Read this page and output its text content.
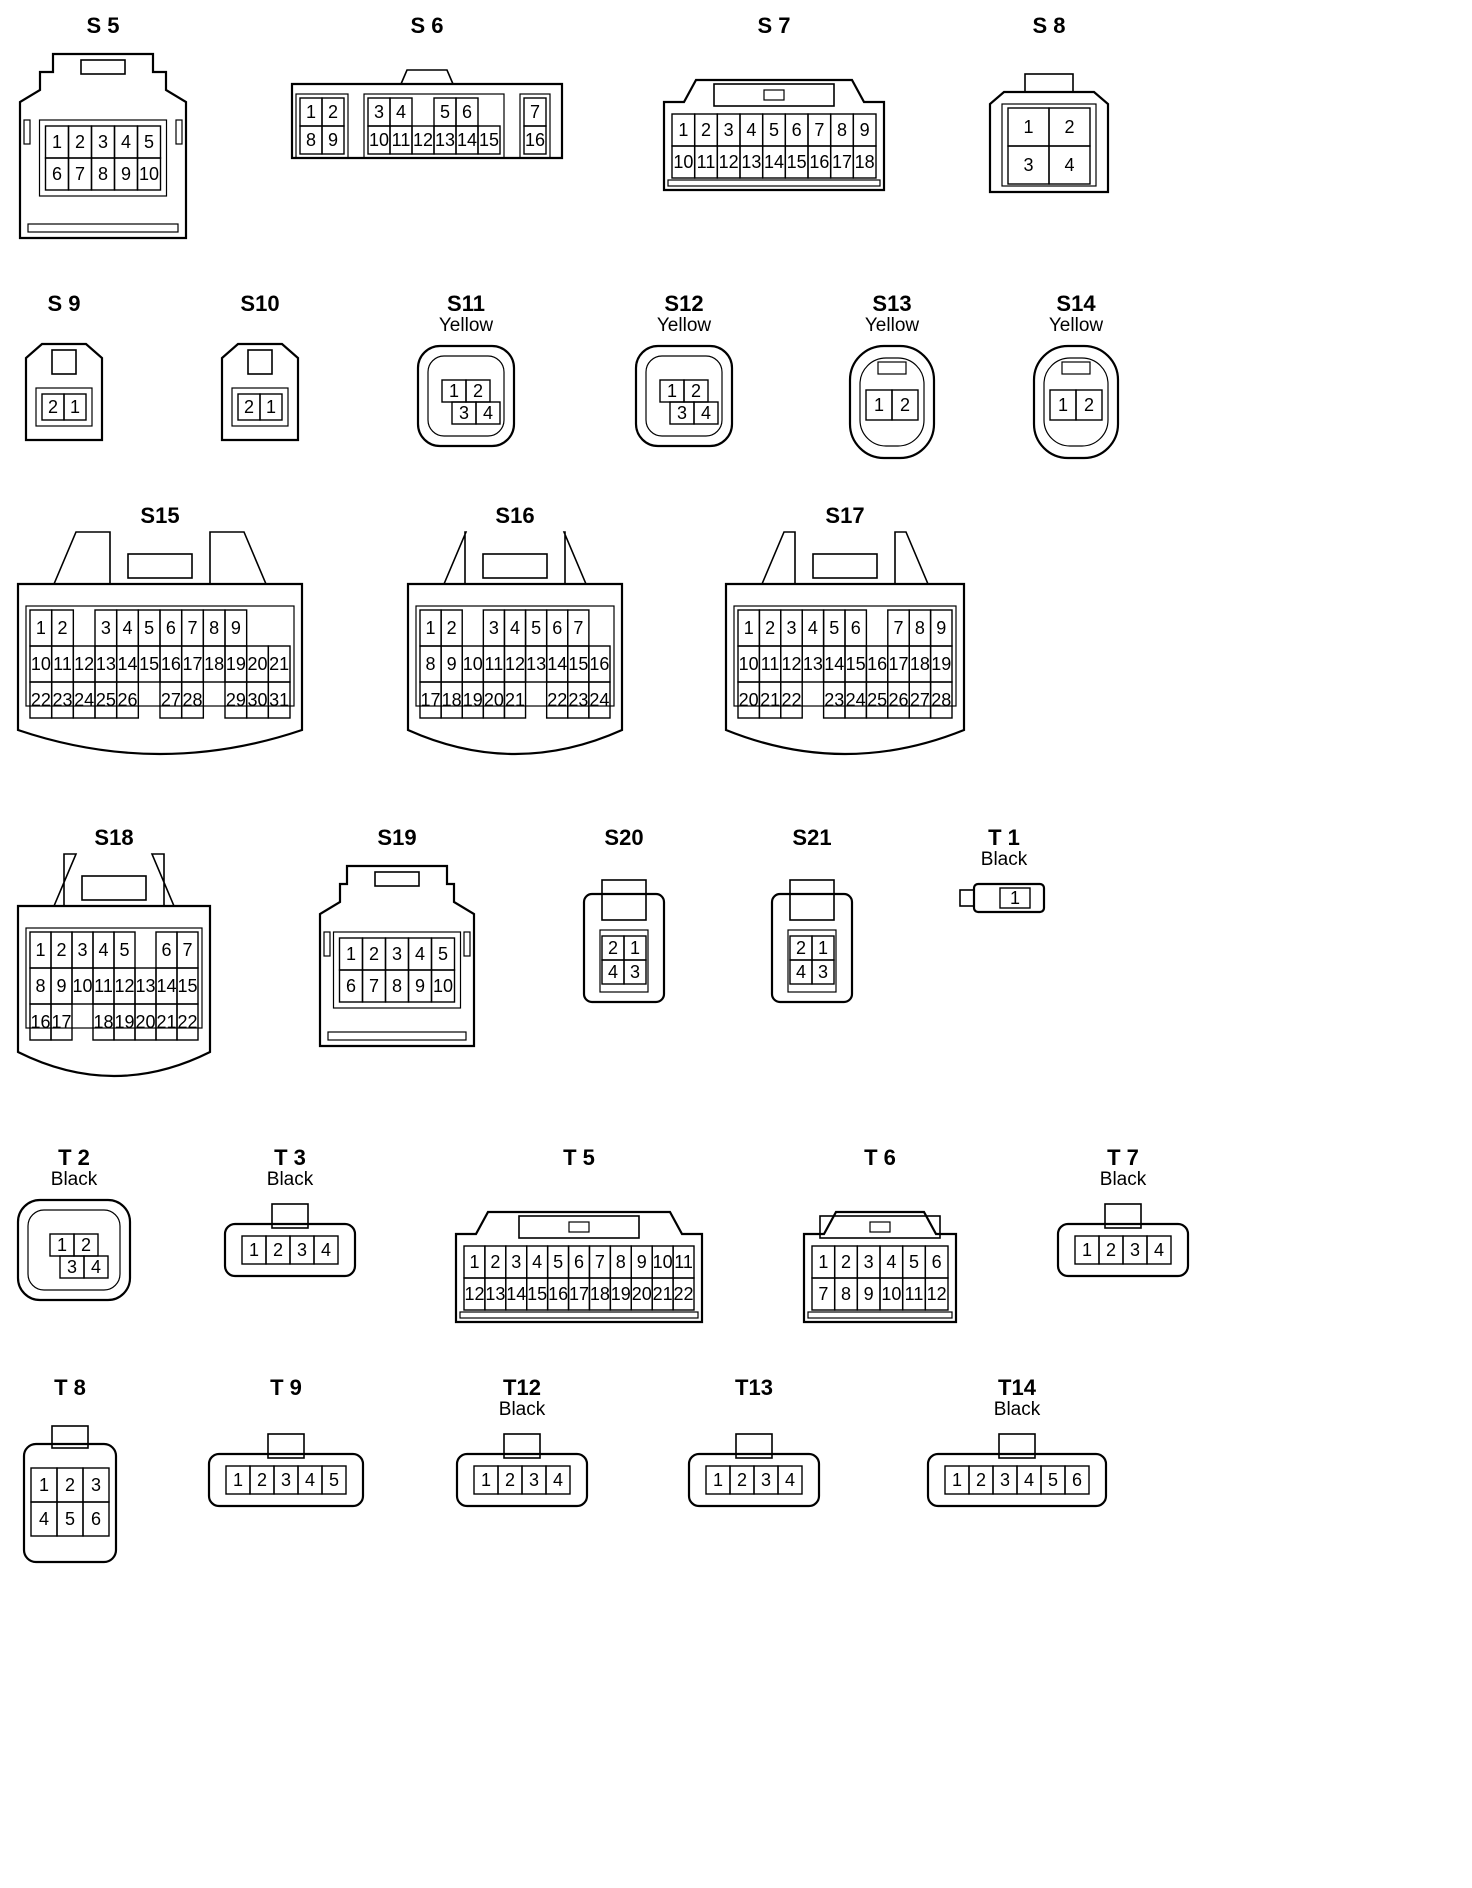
1 2 3 4 5
6 7 8 9 10
S 5
1 2
8 9
3 4 5 6
10 11 12 13 14 15
7
16
S 6
1 2 3 4 5 6 7 8 9
10 11 12 13 14 15 16 17 18
S 7
1 2
3 4
S 8
2 1
S 9
2 1
S10
1 2
3 4
S11
Yellow
1 2
3 4
S12
Yellow
1 2
S13
Yellow
1 2
S14
Yellow
1 2 3 4 5 6 7 8 9
10 11 12 13 14 15 16 17 18 19 20 21
22 23 24 25 26 27 28 29 30 31
S15
1 2 3 4 5 6 7
8 9 10 11 12 13 14 15 16
17 18 19 20 21 22 23 24
S16
1 2 3 4 5 6 7 8 9
10 11 12 13 14 15 16 17 18 19
20 21 22 23 24 25 26 27 28
S17
1 2 3 4 5 6 7
8 9 10 11 12 13 14 15
16 17 18 19 20 21 22
S18
1 2 3 4 5
6 7 8 9 10
S19
2 1
4 3
S20
2 1
4 3
S21
1
T 1
Black
1 2
3 4
T 2
Black
1 2 3 4
T 3
Black
1 2 3 4 5 6 7 8 9 10 11
12 13 14 15 16 17 18 19 20 21 22
T 5
1 2 3 4 5 6
7 8 9 10 11 12
T 6
1 2 3 4
T 7
Black
1 2 3
4 5 6
T 8
1 2 3 4 5
T 9
1 2 3 4
T12
Black
1 2 3 4
T13
1 2 3 4 5 6
T14
Black
